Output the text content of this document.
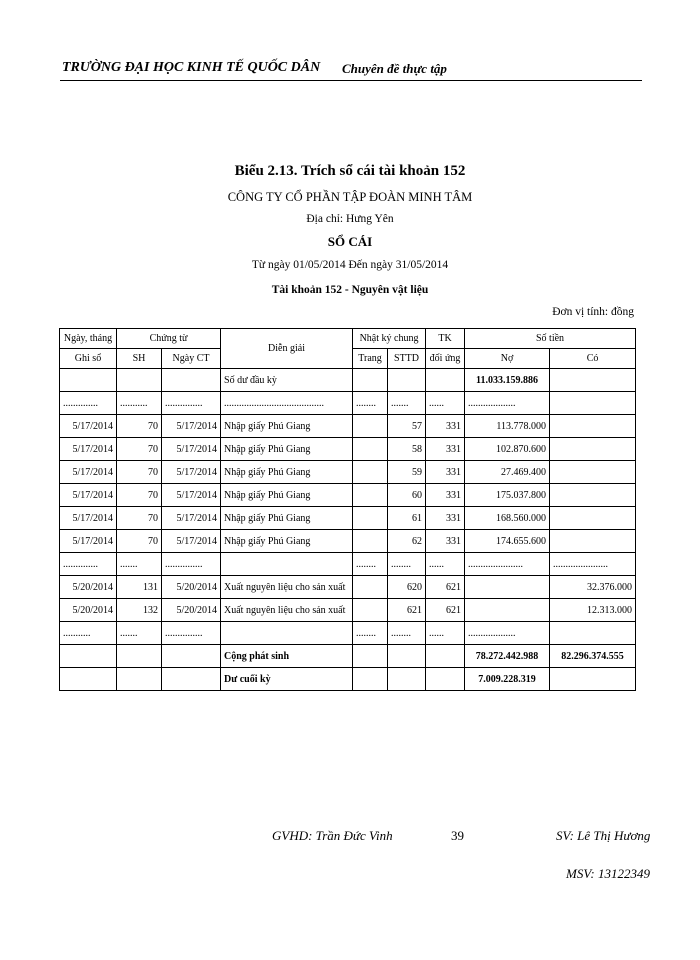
TRƯỜNG ĐẠI HỌC KINH TẾ QUỐC DÂN Chuyên đề thực tập
Biểu 2.13. Trích sổ cái tài khoản 152
CÔNG TY CỔ PHẦN TẬP ĐOÀN MINH TÂM
Địa chỉ: Hưng Yên
SỔ CÁI
Từ ngày 01/05/2014 Đến ngày 31/05/2014
Tài khoản 152 - Nguyên vật liệu
Đơn vị tính: đồng
Ngày, tháng	Chứng từ		Diễn giải	Nhật ký chung		TK	Số tiền	
Ghi sổ	SH	Ngày CT		Trang	STTD	đối ứng	Nợ	Có
			Số dư đầu kỳ				11.033.159.886	
..............	...........	...............	........................................	........	.......	......	...................	
5/17/2014	70	5/17/2014	Nhập giấy Phú Giang		57	331	113.778.000	
5/17/2014	70	5/17/2014	Nhập giấy Phú Giang		58	331	102.870.600	
5/17/2014	70	5/17/2014	Nhập giấy Phú Giang		59	331	27.469.400	
5/17/2014	70	5/17/2014	Nhập giấy Phú Giang		60	331	175.037.800	
5/17/2014	70	5/17/2014	Nhập giấy Phú Giang		61	331	168.560.000	
5/17/2014	70	5/17/2014	Nhập giấy Phú Giang		62	331	174.655.600	
..............	.......	...............		........	........	......	......................	......................
5/20/2014	131	5/20/2014	Xuất nguyên liệu cho sản xuất		620	621		32.376.000
5/20/2014	132	5/20/2014	Xuất nguyên liệu cho sản xuất		621	621		12.313.000
...........	.......	...............		........	........	......	...................	
			Cộng phát sinh				78.272.442.988	82.296.374.555
			Dư cuối kỳ				7.009.228.319	
GVHD: Trần Đức Vinh	39	SV: Lê Thị Hương
MSV: 13122349
